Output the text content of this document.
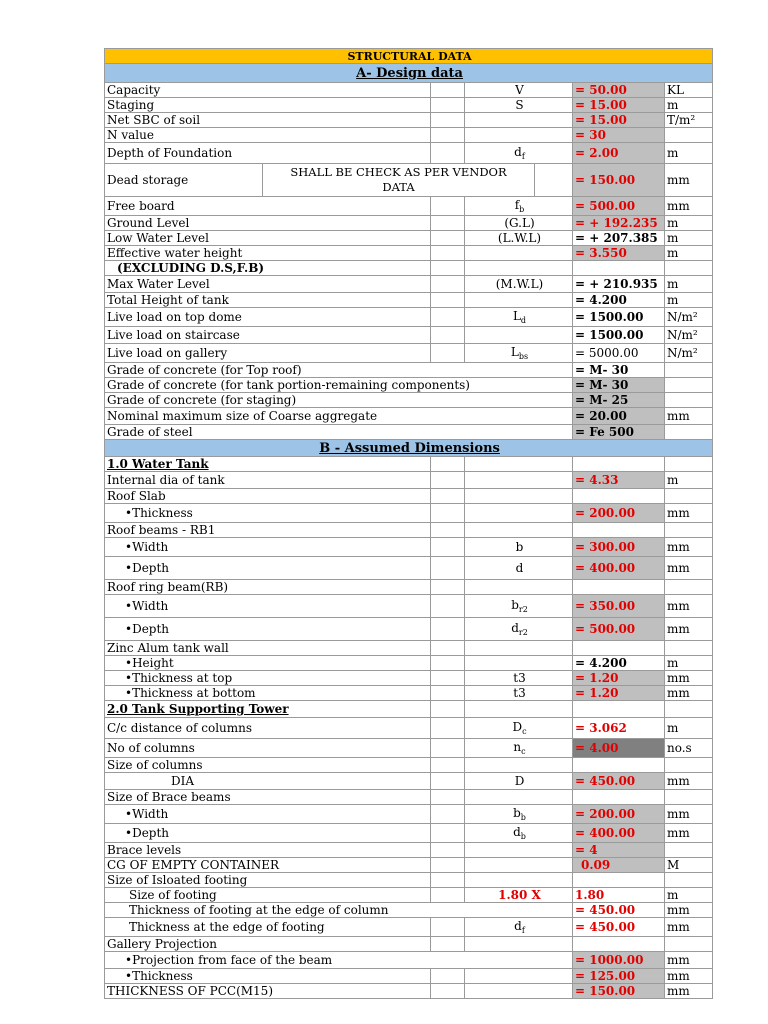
STRUCTURAL DATA						
A- Design data						
Capacity			V		= 50.00	KL
Staging			S		= 15.00	m
Net SBC of soil					= 15.00	T/m²
N value					= 30	
Depth of Foundation			$d_f$		= 2.00	m
Dead storage	SHALL BE CHECK AS PER VENDOR DATA				= 150.00	mm
Free board			$f_b$		= 500.00	mm
Ground Level			(G.L)		= + 192.235	m
Low Water Level			(L.W.L)		= + 207.385	m
Effective water height					= 3.550	m
(EXCLUDING D.S,F.B)						
Max Water Level			(M.W.L)		= + 210.935	m
Total Height of tank					= 4.200	m
Live load on top dome			$L_d$		= 1500.00	N/m²
Live load on staircase					= 1500.00	N/m²
Live load on gallery			$L_{bs}$		= 5000.00	N/m²
Grade of concrete (for Top roof)					= M- 30	
Grade of concrete (for tank portion-remaining components)					= M- 30	
Grade of concrete (for staging)					= M- 25	
Nominal maximum size of Coarse aggregate					= 20.00	mm
Grade of steel					= Fe 500	
B - Assumed Dimensions						
1.0 Water Tank						
Internal dia of tank					= 4.33	m
Roof Slab						
•Thickness					= 200.00	mm
Roof beams - RB1						
•Width			b		= 300.00	mm
•Depth			d		= 400.00	mm
Roof ring beam(RB)						
•Width			$b_{r2}$		= 350.00	mm
•Depth			$d_{r2}$		= 500.00	mm
Zinc Alum tank wall						
•Height					= 4.200	m
•Thickness at top			t3		= 1.20	mm
•Thickness at bottom			t3		= 1.20	mm
2.0 Tank Supporting Tower						
C/c distance of columns			$D_c$		= 3.062	m
No of columns			$n_c$		= 4.00	no.s
Size of columns						
DIA			D		= 450.00	mm
Size of Brace beams						
•Width			$b_b$		= 200.00	mm
•Depth			$d_b$		= 400.00	mm
Brace levels					= 4	
CG OF EMPTY CONTAINER					0.09	M
Size of Isloated footing						
Size of footing			1.80 X		1.80	m
Thickness of footing at the edge of column					= 450.00	mm
Thickness at the edge of footing			$d_f$		= 450.00	mm
Gallery Projection						
•Projection from face of the beam					= 1000.00	mm
•Thickness					= 125.00	mm
THICKNESS OF PCC(M15)					= 150.00	mm
